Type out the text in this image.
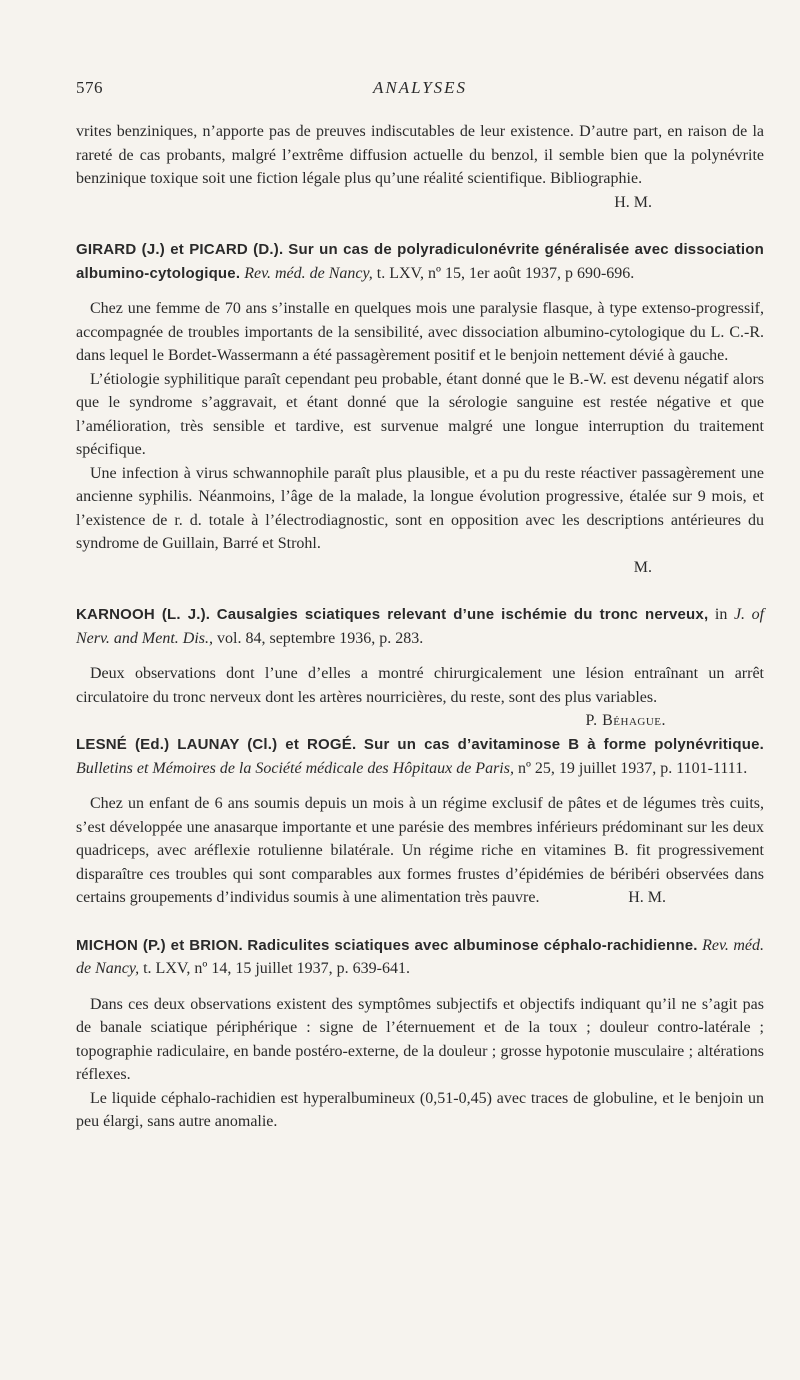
576	ANALYSES

vrites benziniques, n’apporte pas de preuves indiscutables de leur existence. D’autre part, en raison de la rareté de cas probants, malgré l’extrême diffusion actuelle du benzol, il semble bien que la polynévrite benzinique toxique soit une fiction légale plus qu’une réalité scientifique. Bibliographie.

H. M.
GIRARD (J.) et PICARD (D.). Sur un cas de polyradiculonévrite généralisée avec dissociation albumino-cytologique. Rev. méd. de Nancy, t. LXV, nº 15, 1er août 1937, p 690-696.

Chez une femme de 70 ans s’installe en quelques mois une paralysie flasque, à type extenso-progressif, accompagnée de troubles importants de la sensibilité, avec dissociation albumino-cytologique du L. C.-R. dans lequel le Bordet-Wassermann a été passagèrement positif et le benjoin nettement dévié à gauche.

L’étiologie syphilitique paraît cependant peu probable, étant donné que le B.-W. est devenu négatif alors que le syndrome s’aggravait, et étant donné que la sérologie sanguine est restée négative et que l’amélioration, très sensible et tardive, est survenue malgré une longue interruption du traitement spécifique.

Une infection à virus schwannophile paraît plus plausible, et a pu du reste réactiver passagèrement une ancienne syphilis. Néanmoins, l’âge de la malade, la longue évolution progressive, étalée sur 9 mois, et l’existence de r. d. totale à l’électrodiagnostic, sont en opposition avec les descriptions antérieures du syndrome de Guillain, Barré et Strohl.

M.
KARNOOH (L. J.). Causalgies sciatiques relevant d’une ischémie du tronc nerveux, in J. of Nerv. and Ment. Dis., vol. 84, septembre 1936, p. 283.

Deux observations dont l’une d’elles a montré chirurgicalement une lésion entraînant un arrêt circulatoire du tronc nerveux dont les artères nourricières, du reste, sont des plus variables.
P. Béhague.

LESNÉ (Ed.) LAUNAY (Cl.) et ROGÉ. Sur un cas d’avitaminose B à forme polynévritique. Bulletins et Mémoires de la Société médicale des Hôpitaux de Paris, nº 25, 19 juillet 1937, p. 1101-1111.

Chez un enfant de 6 ans soumis depuis un mois à un régime exclusif de pâtes et de légumes très cuits, s’est développée une anasarque importante et une parésie des membres inférieurs prédominant sur les deux quadriceps, avec aréflexie rotulienne bilatérale. Un régime riche en vitamines B. fit progressivement disparaître ces troubles qui sont comparables aux formes frustes d’épidémies de béribéri observées dans certains groupements d’individus soumis à une alimentation très pauvre.	H. M.

MICHON (P.) et BRION. Radiculites sciatiques avec albuminose céphalo-rachidienne. Rev. méd. de Nancy, t. LXV, nº 14, 15 juillet 1937, p. 639-641.

Dans ces deux observations existent des symptômes subjectifs et objectifs indiquant qu’il ne s’agit pas de banale sciatique périphérique : signe de l’éternuement et de la toux ; douleur contro-latérale ; topographie radiculaire, en bande postéro-externe, de la douleur ; grosse hypotonie musculaire ; altérations réflexes.

Le liquide céphalo-rachidien est hyperalbumineux (0,51-0,45) avec traces de globuline, et le benjoin un peu élargi, sans autre anomalie.
